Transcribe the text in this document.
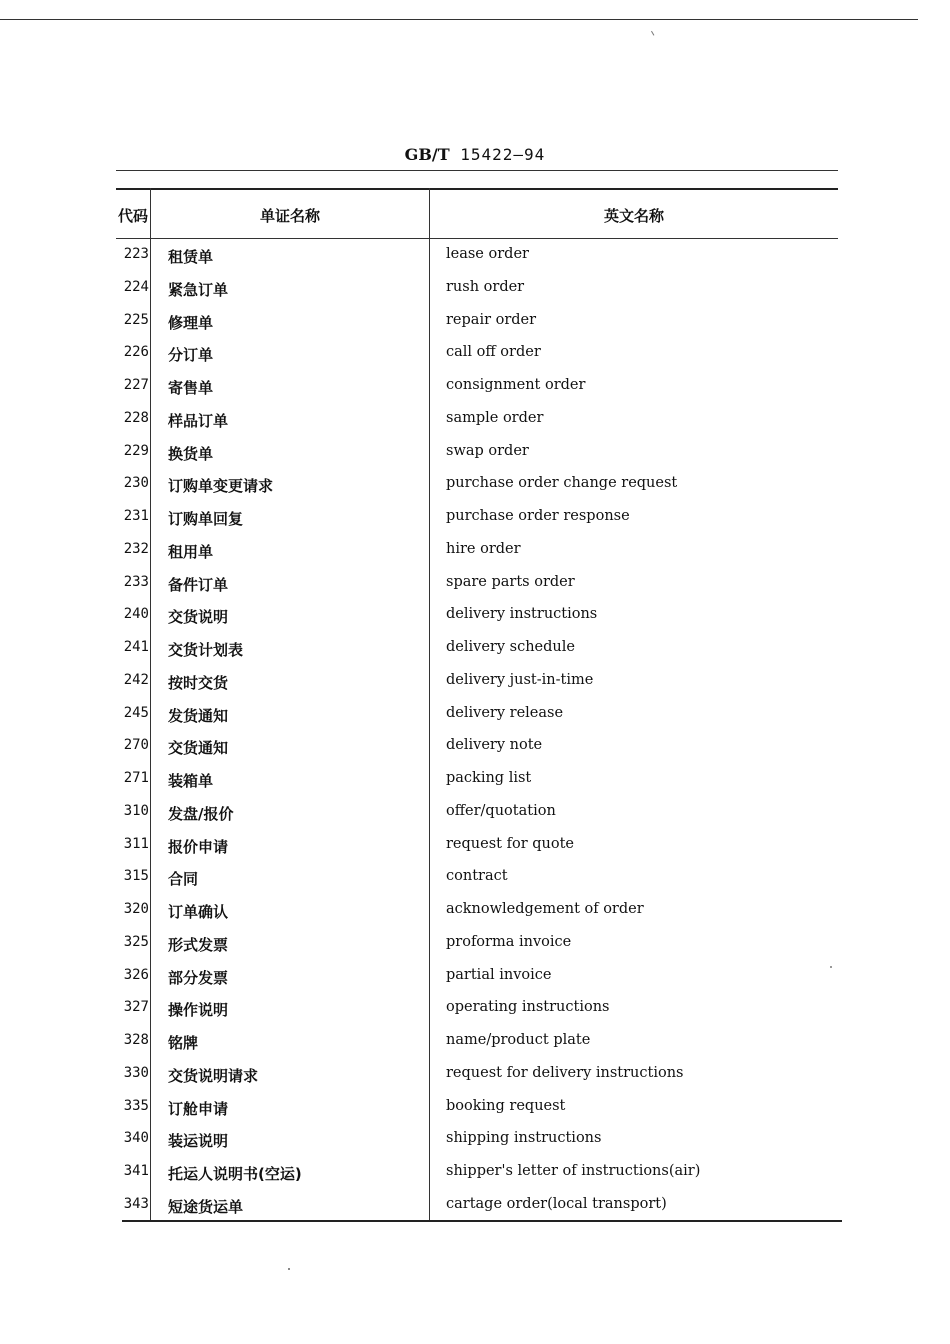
GB/T 15422—94
代码	单证名称	英文名称
223 租赁单	lease order
224 紧急订单	rush order
225 修理单	repair order
226 分订单	call off order
227 寄售单	consignment order
228 样品订单	sample order
229 换货单	swap order
230 订购单变更请求	purchase order change request
231 订购单回复	purchase order response
232 租用单	hire order
233 备件订单	spare parts order
240 交货说明	delivery instructions
241 交货计划表	delivery schedule
242 按时交货	delivery just-in-time
245 发货通知	delivery release
270 交货通知	delivery note
271 装箱单	packing list
310 发盘/报价	offer/quotation
311 报价申请	request for quote
315 合同	contract
320 订单确认	acknowledgement of order
325 形式发票	proforma invoice
326 部分发票	partial invoice
327 操作说明	operating instructions
328 铭牌	name/product plate
330 交货说明请求	request for delivery instructions
335 订舱申请	booking request
340 装运说明	shipping instructions
341 托运人说明书(空运)	shipper's letter of instructions(air)
343 短途货运单	cartage order(local transport)
